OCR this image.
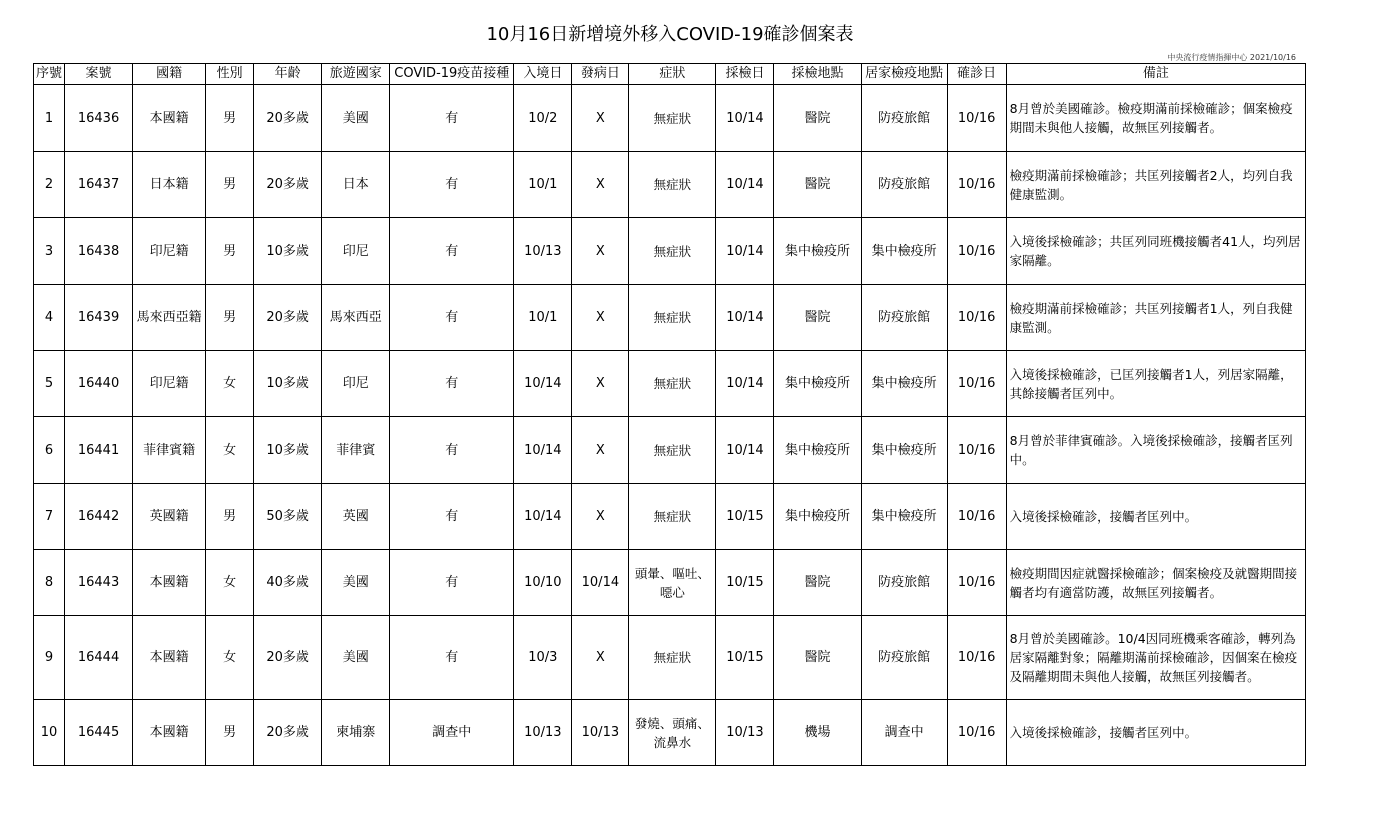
10月16日新增境外移入COVID-19確診個案表
中央流行疫情指揮中心 2021/10/16
序號	案號	國籍	性別	年齡	旅遊國家	COVID-19疫苗接種	入境日	發病日	症狀	採檢日	採檢地點	居家檢疫地點	確診日	備註
1	16436	本國籍	男	20多歲	美國	有	10/2	X	無症狀	10/14	醫院	防疫旅館	10/16	8月曾於美國確診。檢疫期滿前採檢確診；個案檢疫期間未與他人接觸，故無匡列接觸者。
2	16437	日本籍	男	20多歲	日本	有	10/1	X	無症狀	10/14	醫院	防疫旅館	10/16	檢疫期滿前採檢確診；共匡列接觸者2人，均列自我健康監測。
3	16438	印尼籍	男	10多歲	印尼	有	10/13	X	無症狀	10/14	集中檢疫所	集中檢疫所	10/16	入境後採檢確診；共匡列同班機接觸者41人，均列居家隔離。
4	16439	馬來西亞籍	男	20多歲	馬來西亞	有	10/1	X	無症狀	10/14	醫院	防疫旅館	10/16	檢疫期滿前採檢確診；共匡列接觸者1人，列自我健康監測。
5	16440	印尼籍	女	10多歲	印尼	有	10/14	X	無症狀	10/14	集中檢疫所	集中檢疫所	10/16	入境後採檢確診，已匡列接觸者1人，列居家隔離，其餘接觸者匡列中。
6	16441	菲律賓籍	女	10多歲	菲律賓	有	10/14	X	無症狀	10/14	集中檢疫所	集中檢疫所	10/16	8月曾於菲律賓確診。入境後採檢確診，接觸者匡列中。
7	16442	英國籍	男	50多歲	英國	有	10/14	X	無症狀	10/15	集中檢疫所	集中檢疫所	10/16	入境後採檢確診，接觸者匡列中。
8	16443	本國籍	女	40多歲	美國	有	10/10	10/14	頭暈、嘔吐、噁心	10/15	醫院	防疫旅館	10/16	檢疫期間因症就醫採檢確診；個案檢疫及就醫期間接觸者均有適當防護，故無匡列接觸者。
9	16444	本國籍	女	20多歲	美國	有	10/3	X	無症狀	10/15	醫院	防疫旅館	10/16	8月曾於美國確診。10/4因同班機乘客確診，轉列為居家隔離對象；隔離期滿前採檢確診，因個案在檢疫及隔離期間未與他人接觸，故無匡列接觸者。
10	16445	本國籍	男	20多歲	柬埔寨	調查中	10/13	10/13	發燒、頭痛、流鼻水	10/13	機場	調查中	10/16	入境後採檢確診，接觸者匡列中。
